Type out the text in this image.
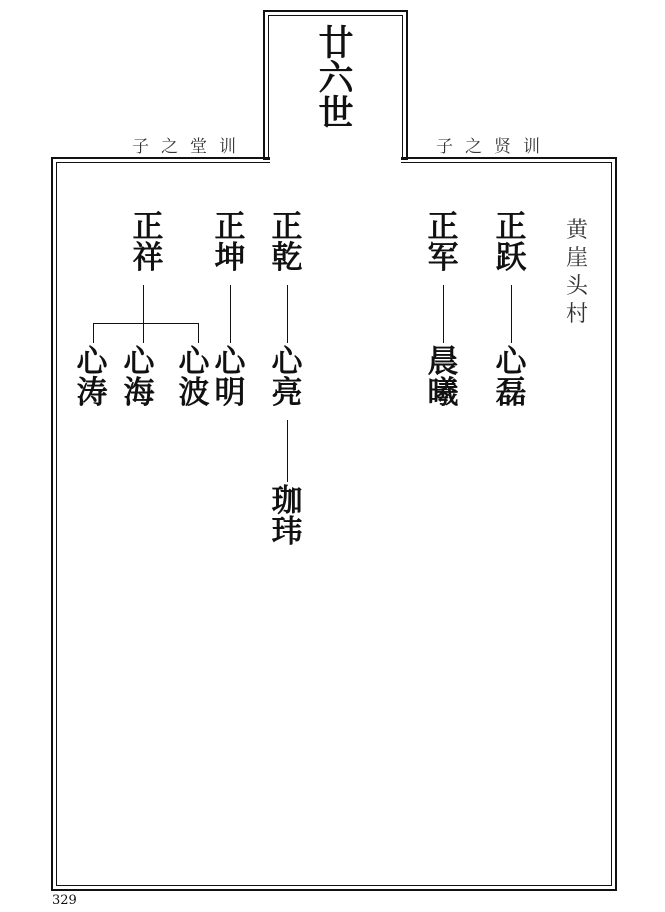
廿
六
世
子之堂训	子之贤训
黄
崖
头
村
正
跃
心
磊
正
军
晨
曦
正
乾
心
亮
珈
玮
正
坤
心
明
正
祥
心
涛
心
海
心
波
329
